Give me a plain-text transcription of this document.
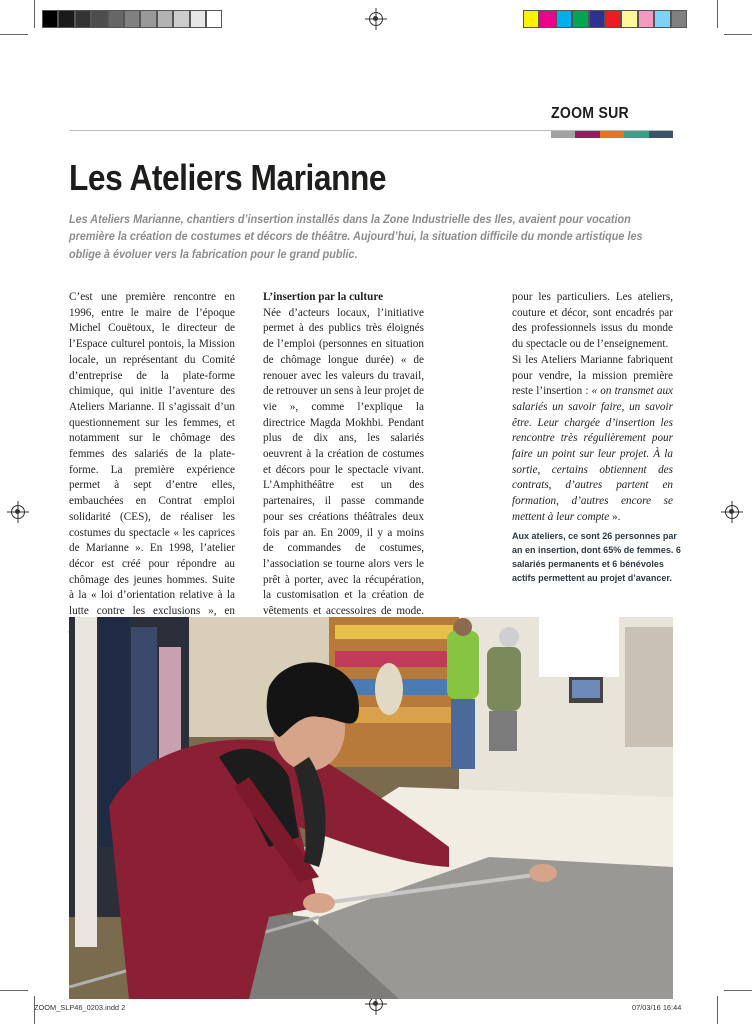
ZOOM SUR
Les Ateliers Marianne

Les Ateliers Marianne, chantiers d’insertion installés dans la Zone Industrielle des Iles, avaient pour vocation première la création de costumes et décors de théâtre. Aujourd’hui, la situation difficile du monde artistique les oblige à évoluer vers la fabrication pour le grand public.

C’est une première rencontre en 1996, entre le maire de l’époque Michel Couëtoux, le directeur de l’Espace culturel pontois, la Mission locale, un représentant du Comité d’entreprise de la plate-forme chimique, qui initie l’aventure des Ateliers Marianne. Il s’agissait d’un questionnement sur les femmes, et notamment sur le chômage des femmes des salariés de la plate-forme. La première expérience permet à sept d’entre elles, embauchées en Contrat emploi solidarité (CES), de réaliser les costumes du spectacle « les caprices de Marianne ». En 1998, l’atelier décor est créé pour répondre au chômage des jeunes hommes. Suite à la « loi d’orientation relative à la lutte contre les exclusions », en

L’insertion par la culture

Née d’acteurs locaux, l’initiative permet à des publics très éloignés de l’emploi (personnes en situation de chômage longue durée) « de renouer avec les valeurs du travail, de retrouver un sens à leur projet de vie », comme l’explique la directrice Magda Mokhbi. Pendant plus de dix ans, les salariés oeuvrent à la création de costumes et décors pour le spectacle vivant. L’Amphithéâtre est un des partenaires, il passe commande pour ses créations théâtrales deux fois par an. En 2009, il y a moins de commandes de costumes, l’association se tourne alors vers le prêt à porter, avec la récupération, la customisation et la création de vêtements et accessoires de mode.

pour les particuliers. Les ateliers, couture et décor, sont encadrés par des professionnels issus du monde du spectacle ou de l’enseignement.

Si les Ateliers Marianne fabriquent pour vendre, la mission première reste l’insertion : « on transmet aux salariés un savoir faire, un savoir être. Leur chargée d’insertion les rencontre très régulièrement pour faire un point sur leur projet. À la sortie, certains obtiennent des contrats, d’autres partent en formation, d’autres encore se mettent à leur compte ».

Aux ateliers, ce sont 26 personnes par an en insertion, dont 65% de femmes. 6 salariés permanents et 6 bénévoles actifs permettent au projet d’avancer.
ZOOM_SLP46_0203.indd 2	07/03/16 16:44
